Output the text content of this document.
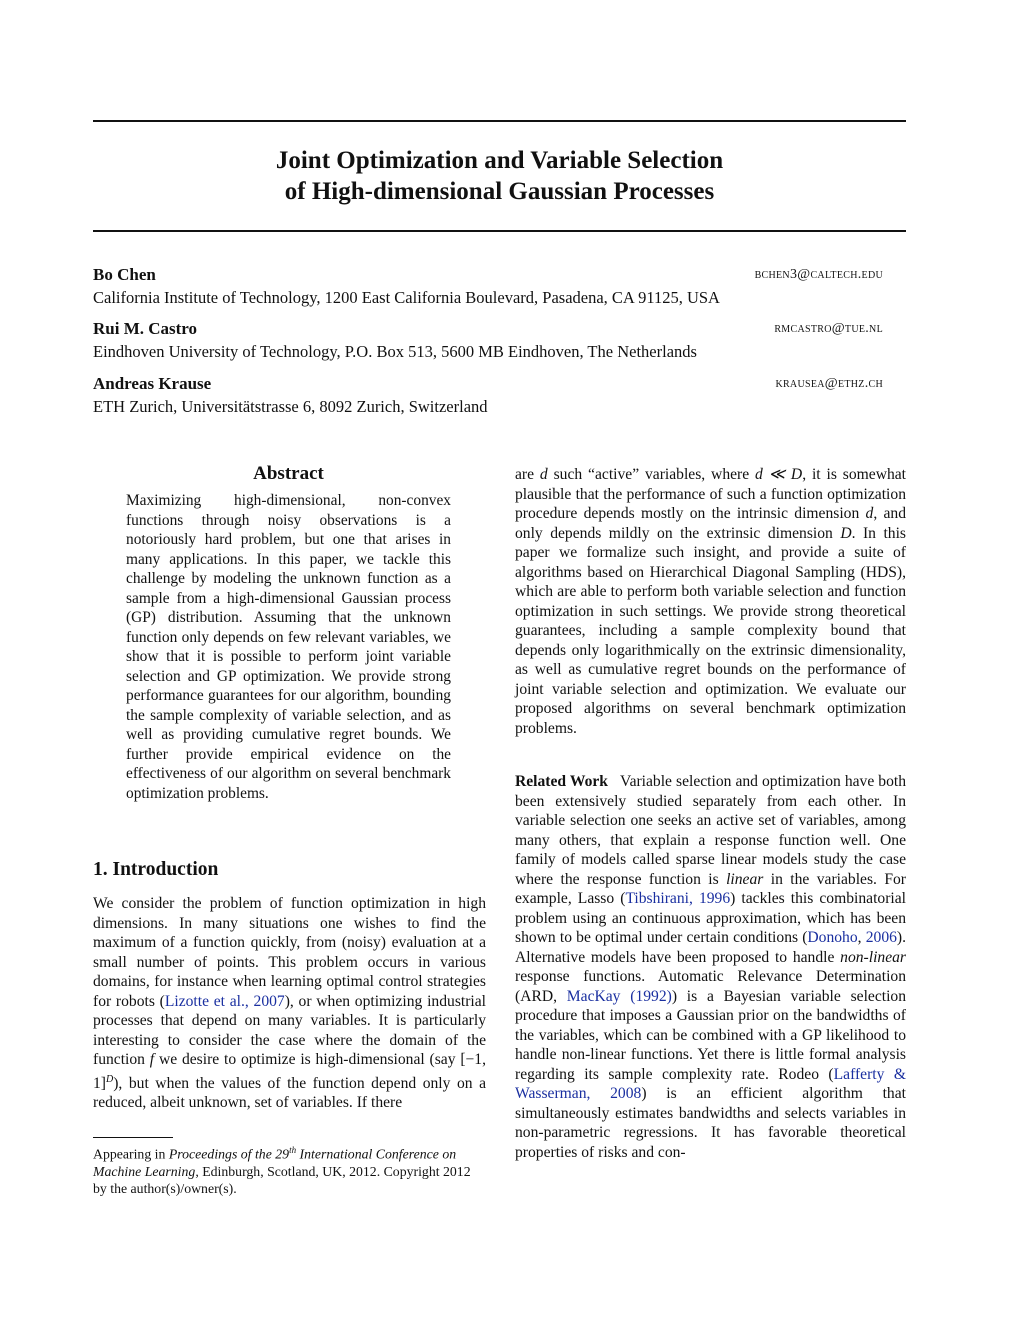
Joint Optimization and Variable Selection
of High-dimensional Gaussian Processes
Bo Chen	bchen3@caltech.edu
California Institute of Technology, 1200 East California Boulevard, Pasadena, CA 91125, USA
Rui M. Castro	rmcastro@tue.nl
Eindhoven University of Technology, P.O. Box 513, 5600 MB Eindhoven, The Netherlands
Andreas Krause	krausea@ethz.ch
ETH Zurich, Universitätstrasse 6, 8092 Zurich, Switzerland
Abstract

Maximizing high-dimensional, non-convex functions through noisy observations is a notoriously hard problem, but one that arises in many applications. In this paper, we tackle this challenge by modeling the unknown function as a sample from a high-dimensional Gaussian process (GP) distribution. Assuming that the unknown function only depends on few relevant variables, we show that it is possible to perform joint variable selection and GP optimization. We provide strong performance guarantees for our algorithm, bounding the sample complexity of variable selection, and as well as providing cumulative regret bounds. We further provide empirical evidence on the effectiveness of our algorithm on several benchmark optimization problems.

1. Introduction

We consider the problem of function optimization in high dimensions. In many situations one wishes to find the maximum of a function quickly, from (noisy) evaluation at a small number of points. This problem occurs in various domains, for instance when learning optimal control strategies for robots (Lizotte et al., 2007), or when optimizing industrial processes that depend on many variables. It is particularly interesting to consider the case where the domain of the function f we desire to optimize is high-dimensional (say [−1, 1]$^D$), but when the values of the function depend only on a reduced, albeit unknown, set of variables. If there

Appearing in Proceedings of the 29th International Conference on Machine Learning, Edinburgh, Scotland, UK, 2012. Copyright 2012 by the author(s)/owner(s).

are d such “active” variables, where d ≪ D, it is somewhat plausible that the performance of such a function optimization procedure depends mostly on the intrinsic dimension d, and only depends mildly on the extrinsic dimension D. In this paper we formalize such insight, and provide a suite of algorithms based on Hierarchical Diagonal Sampling (HDS), which are able to perform both variable selection and function optimization in such settings. We provide strong theoretical guarantees, including a sample complexity bound that depends only logarithmically on the extrinsic dimensionality, as well as cumulative regret bounds on the performance of joint variable selection and optimization. We evaluate our proposed algorithms on several benchmark optimization problems.

Related Work Variable selection and optimization have both been extensively studied separately from each other. In variable selection one seeks an active set of variables, among many others, that explain a response function well. One family of models called sparse linear models study the case where the response function is linear in the variables. For example, Lasso (Tibshirani, 1996) tackles this combinatorial problem using an continuous approximation, which has been shown to be optimal under certain conditions (Donoho, 2006). Alternative models have been proposed to handle non-linear response functions. Automatic Relevance Determination (ARD, MacKay (1992)) is a Bayesian variable selection procedure that imposes a Gaussian prior on the bandwidths of the variables, which can be combined with a GP likelihood to handle non-linear functions. Yet there is little formal analysis regarding its sample complexity rate. Rodeo (Lafferty & Wasserman, 2008) is an efficient algorithm that simultaneously estimates bandwidths and selects variables in non-parametric regressions. It has favorable theoretical properties of risks and con-
